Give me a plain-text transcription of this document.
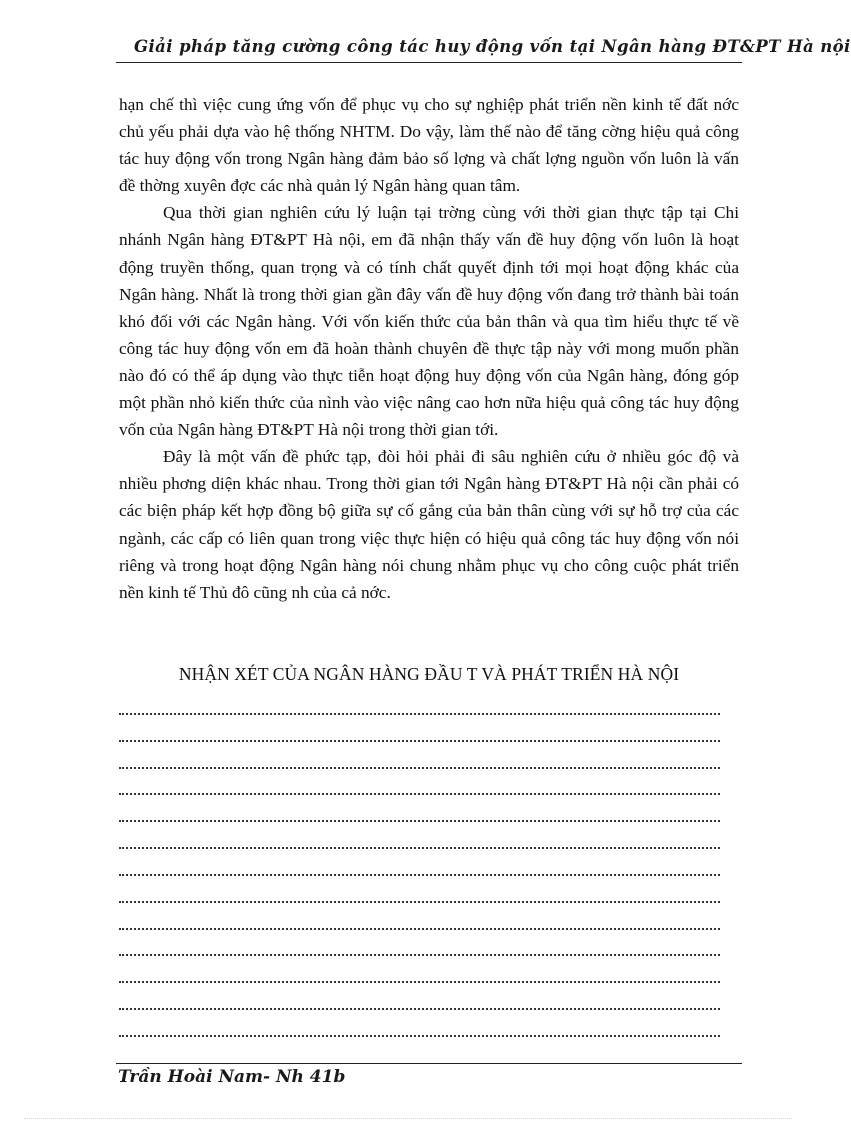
Giải pháp tăng cường công tác huy động vốn tại Ngân hàng ĐT&PT Hà nội

hạn chế thì việc cung ứng vốn để phục vụ cho sự nghiệp phát triển nền kinh tế đất nớc chủ yếu phải dựa vào hệ thống NHTM. Do vậy, làm thế nào để tăng cờng hiệu quả công tác huy động vốn trong Ngân hàng đảm bảo số lợng và chất lợng nguồn vốn luôn là vấn đề thờng xuyên đợc các nhà quản lý Ngân hàng quan tâm.

Qua thời gian nghiên cứu lý luận tại trờng cùng với thời gian thực tập tại Chi nhánh Ngân hàng ĐT&PT Hà nội, em đã nhận thấy vấn đề huy động vốn luôn là hoạt động truyền thống, quan trọng và có tính chất quyết định tới mọi hoạt động khác của Ngân hàng. Nhất là trong thời gian gần đây vấn đề huy động vốn đang trở thành bài toán khó đối với các Ngân hàng. Với vốn kiến thức của bản thân và qua tìm hiểu thực tế về công tác huy động vốn em đã hoàn thành chuyên đề thực tập này với mong muốn phần nào đó có thể áp dụng vào thực tiễn hoạt động huy động vốn của Ngân hàng, đóng góp một phần nhỏ kiến thức của nình vào việc nâng cao hơn nữa hiệu quả công tác huy động vốn của Ngân hàng ĐT&PT Hà nội trong thời gian tới.

Đây là một vấn đề phức tạp, đòi hỏi phải đi sâu nghiên cứu ở nhiều góc độ và nhiều phơng diện khác nhau. Trong thời gian tới Ngân hàng ĐT&PT Hà nội cần phải có các biện pháp kết hợp đồng bộ giữa sự cố gắng của bản thân cùng với sự hỗ trợ của các ngành, các cấp có liên quan trong việc thực hiện có hiệu quả công tác huy động vốn nói riêng và trong hoạt động Ngân hàng nói chung nhằm phục vụ cho công cuộc phát triển nền kinh tế Thủ đô cũng nh của cả nớc.

NHẬN XÉT CỦA NGÂN HÀNG ĐẦU T VÀ PHÁT TRIỂN HÀ NỘI
Trần Hoài Nam- Nh 41b
